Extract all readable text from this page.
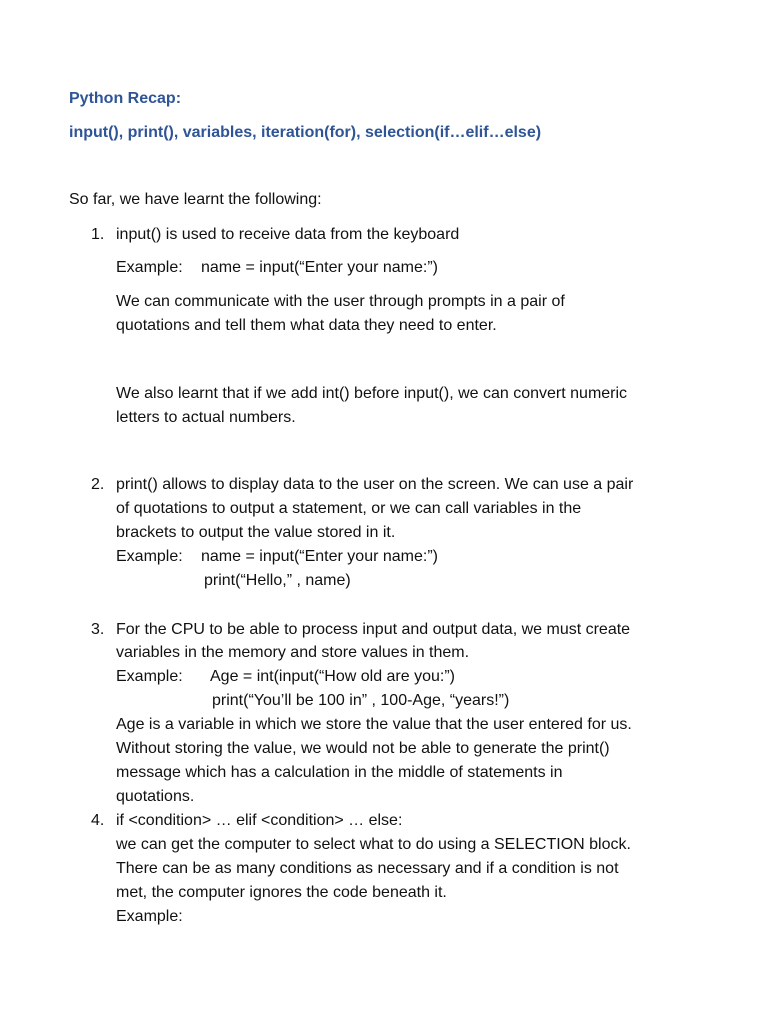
Python Recap:
input(), print(), variables, iteration(for), selection(if…elif…else)
So far, we have learnt the following:
1. input() is used to receive data from the keyboard
Example: name = input(“Enter your name:”)
We can communicate with the user through prompts in a pair of
quotations and tell them what data they need to enter.
We also learnt that if we add int() before input(), we can convert numeric
letters to actual numbers.
2. print() allows to display data to the user on the screen. We can use a pair
of quotations to output a statement, or we can call variables in the
brackets to output the value stored in it.
Example: name = input(“Enter your name:”)
print(“Hello,” , name)
3. For the CPU to be able to process input and output data, we must create
variables in the memory and store values in them.
Example: Age = int(input(“How old are you:”)
print(“You’ll be 100 in” , 100-Age, “years!”)
Age is a variable in which we store the value that the user entered for us.
Without storing the value, we would not be able to generate the print()
message which has a calculation in the middle of statements in
quotations.
4. if <condition> … elif <condition> … else:
we can get the computer to select what to do using a SELECTION block.
There can be as many conditions as necessary and if a condition is not
met, the computer ignores the code beneath it.
Example:
